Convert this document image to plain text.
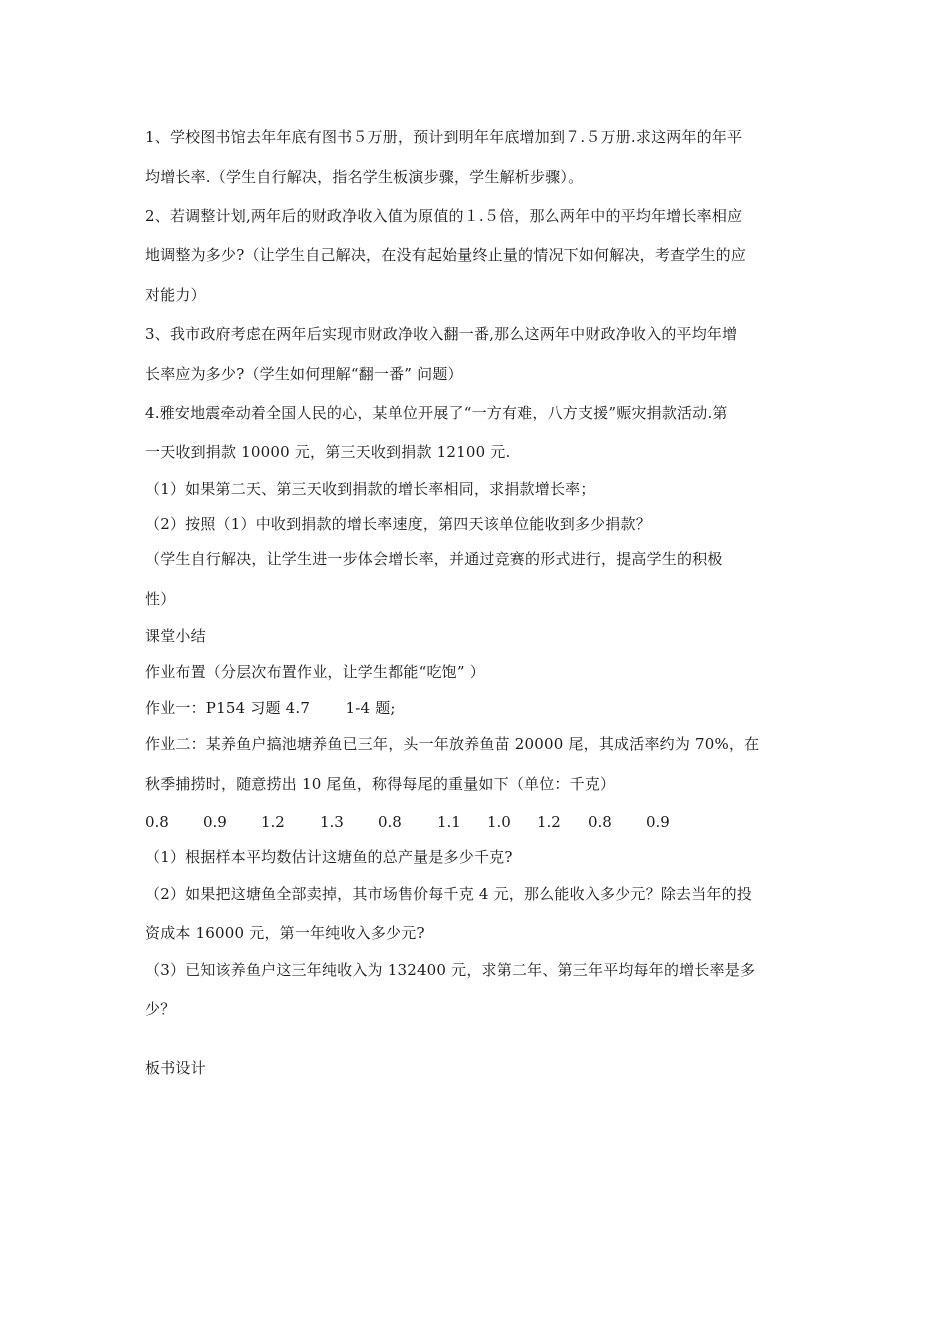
1、学校图书馆去年年底有图书５万册，预计到明年年底增加到７.５万册.求这两年的年平
均增长率.（学生自行解决，指名学生板演步骤，学生解析步骤）。
2、若调整计划,两年后的财政净收入值为原值的１.５倍，那么两年中的平均年增长率相应
地调整为多少?（让学生自己解决，在没有起始量终止量的情况下如何解决，考查学生的应
对能力）
3、我市政府考虑在两年后实现市财政净收入翻一番,那么这两年中财政净收入的平均年增
长率应为多少?（学生如何理解“翻一番” 问题）
4.雅安地震牵动着全国人民的心，某单位开展了“一方有难，八方支援”赈灾捐款活动.第
一天收到捐款 10000 元，第三天收到捐款 12100 元.
（1）如果第二天、第三天收到捐款的增长率相同，求捐款增长率；
（2）按照（1）中收到捐款的增长率速度，第四天该单位能收到多少捐款？
（学生自行解决，让学生进一步体会增长率，并通过竞赛的形式进行，提高学生的积极
性）
课堂小结
作业布置（分层次布置作业，让学生都能“吃饱” ）
作业一：P154 习题 4.7　　 1-4 题;
作业二：某养鱼户搞池塘养鱼已三年，头一年放养鱼苗 20000 尾，其成活率约为 70%，在
秋季捕捞时，随意捞出 10 尾鱼，称得每尾的重量如下（单位：千克）
0.8 0.9 1.2 1.3 0.8 1.1 1.0 1.2 0.8 0.9
（1）根据样本平均数估计这塘鱼的总产量是多少千克?
（2）如果把这塘鱼全部卖掉，其市场售价每千克 4 元，那么能收入多少元？除去当年的投
资成本 16000 元，第一年纯收入多少元?
（3）已知该养鱼户这三年纯收入为 132400 元，求第二年、第三年平均每年的增长率是多
少？
板书设计
